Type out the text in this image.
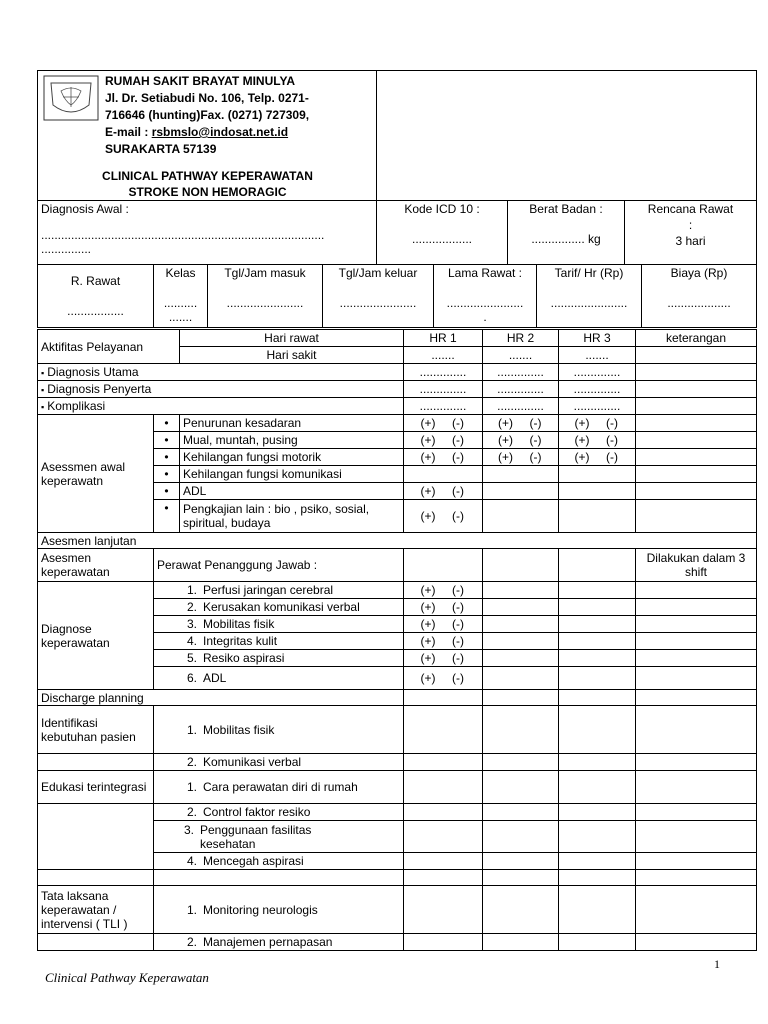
RUMAH SAKIT BRAYAT MINULYA
Jl. Dr. Setiabudi No. 106, Telp. 0271-
716646 (hunting)Fax. (0271) 727309,
E-mail : rsbmslo@indosat.net.id
SURAKARTA 57139
CLINICAL PATHWAY KEPERAWATAN
STROKE NON HEMORAGIC

Diagnosis Awal :
.....................................................................................
...............

Kode ICD 10 :
..................

Berat Badan :
................ kg

Rencana Rawat
:
3 hari
R. Rawat
.................

Kelas
..........
.......

Tgl/Jam masuk
.......................

Tgl/Jam keluar
.......................

Lama Rawat :
.......................
.

Tarif/ Hr (Rp)
.......................

Biaya (Rp)
...................
Aktifitas Pelayanan		Hari rawat	HR 1	HR 2	HR 3	keterangan
		Hari sakit	.......	.......	.......	
▪ Diagnosis Utama			..............	..............	..............	
▪ Diagnosis Penyerta			..............	..............	..............	
▪ Komplikasi			..............	..............	..............	
Asessmen awal keperawatn	•	Penurunan kesadaran	(+) (-)	(+) (-)	(+) (-)	
	•	Mual, muntah, pusing	(+) (-)	(+) (-)	(+) (-)	
	•	Kehilangan fungsi motorik	(+) (-)	(+) (-)	(+) (-)	
	•	Kehilangan fungsi komunikasi				
	•	ADL	(+) (-)			
	•	Pengkajian lain : bio , psiko, sosial, spiritual, budaya	(+) (-)			
Asesmen lanjutan						
Asesmen keperawatan	Perawat Penanggung Jawab :					Dilakukan dalam 3 shift
Diagnose keperawatan	1. Perfusi jaringan cerebral		(+) (-)			
	2. Kerusakan komunikasi verbal		(+) (-)			
	3. Mobilitas fisik		(+) (-)			
	4. Integritas kulit		(+) (-)			
	5. Resiko aspirasi		(+) (-)			
	6. ADL		(+) (-)			
Discharge planning						
Identifikasi kebutuhan pasien	1. Mobilitas fisik					
	2. Komunikasi verbal					
Edukasi terintegrasi	1. Cara perawatan diri di rumah					
	2. Control faktor resiko					

	3. Penggunaan fasilitas kesehatan					

	4. Mencegah aspirasi					

Tata laksana keperawatan / intervensi ( TLI )	1. Monitoring neurologis					
	2. Manajemen pernapasan					
1
Clinical Pathway Keperawatan
